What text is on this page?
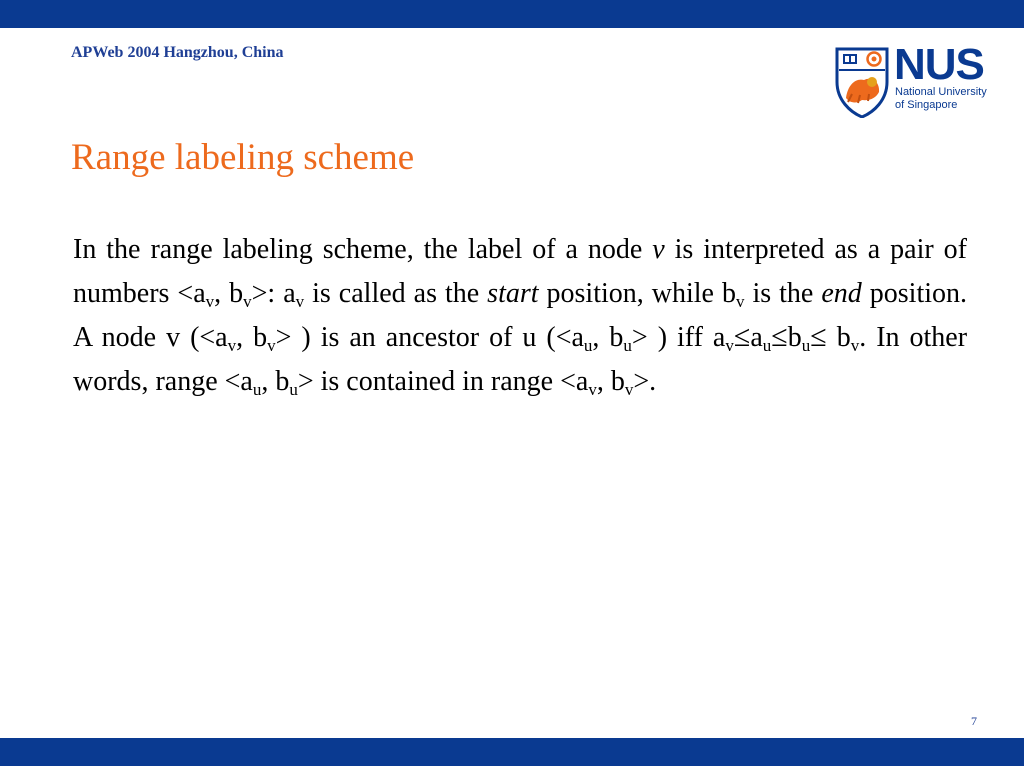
APWeb 2004 Hangzhou, China	NUS
National University
of Singapore
Range labeling scheme
In the range labeling scheme, the label of a node v is interpreted as a pair of numbers $<a_v$, $b_v>$: $a_v$ is called as the start position, while $b_v$ is the end position. A node v ($<a_v$, $b_v>$ ) is an ancestor of u ($<a_u$, $b_u>$ ) iff $a_v\le a_u\le b_u\le b_v$. In other words, range $<a_u$, $b_u>$ is contained in range $<a_v$, $b_v>$.
7
